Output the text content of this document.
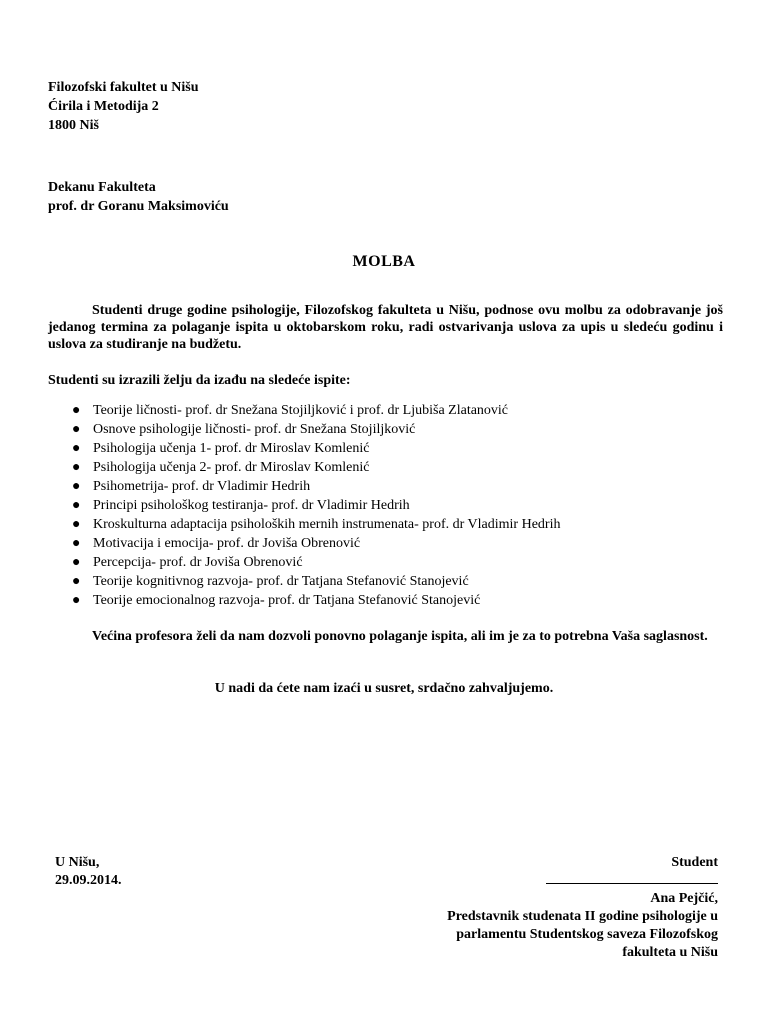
Filozofski fakultet u Nišu
Ćirila i Metodija 2
1800 Niš
Dekanu Fakulteta
prof. dr Goranu Maksimoviću
MOLBA
Studenti druge godine psihologije, Filozofskog fakulteta u Nišu, podnose ovu molbu za odobravanje još jedanog termina za polaganje ispita u oktobarskom roku, radi ostvarivanja uslova za upis u sledeću godinu i uslova za studiranje na budžetu.
Studenti su izrazili želju da izađu na sledeće ispite:
● Teorije ličnosti- prof. dr Snežana Stojiljković i prof. dr Ljubiša Zlatanović
● Osnove psihologije ličnosti- prof. dr Snežana Stojiljković
● Psihologija učenja 1- prof. dr Miroslav Komlenić
● Psihologija učenja 2- prof. dr Miroslav Komlenić
● Psihometrija- prof. dr Vladimir Hedrih
● Principi psihološkog testiranja- prof. dr Vladimir Hedrih
● Kroskulturna adaptacija psiholoških mernih instrumenata- prof. dr Vladimir Hedrih
● Motivacija i emocija- prof. dr Joviša Obrenović
● Percepcija- prof. dr Joviša Obrenović
● Teorije kognitivnog razvoja- prof. dr Tatjana Stefanović Stanojević
● Teorije emocionalnog razvoja- prof. dr Tatjana Stefanović Stanojević
Većina profesora želi da nam dozvoli ponovno polaganje ispita, ali im je za to potrebna Vaša saglasnost.
U nadi da ćete nam izaći u susret, srdačno zahvaljujemo.
U Nišu,
29.09.2014.
Student
Ana Pejčić,
Predstavnik studenata II godine psihologije u
parlamentu Studentskog saveza Filozofskog
fakulteta u Nišu
